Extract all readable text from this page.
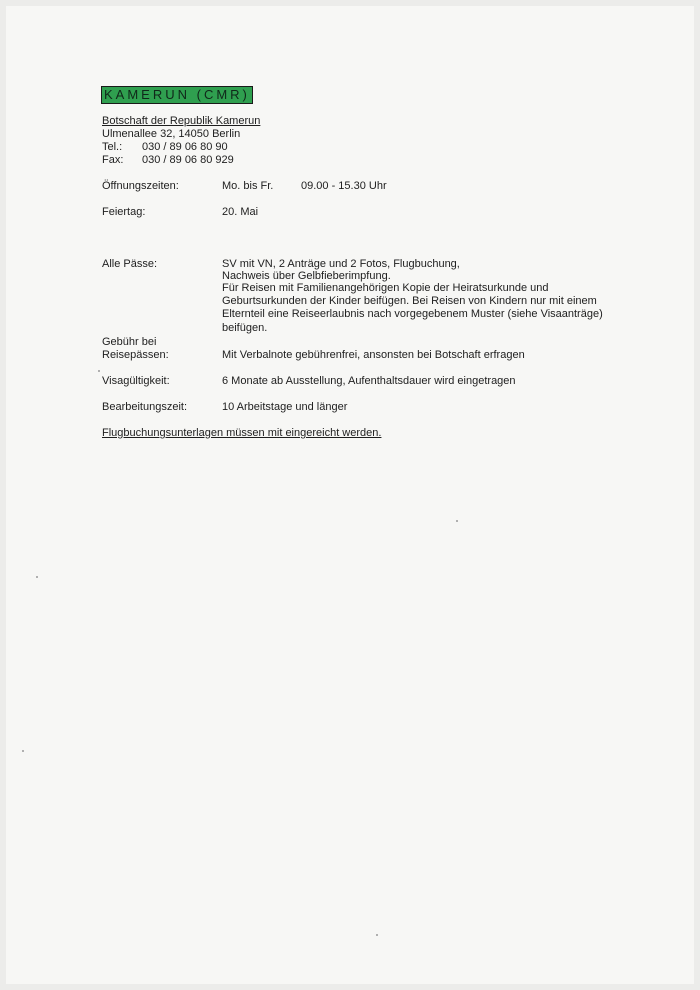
KAMERUN (CMR)
Botschaft der Republik Kamerun
Ulmenallee 32, 14050 Berlin
Tel.: 030 / 89 06 80 90
Fax: 030 / 89 06 80 929
Öffnungszeiten:	Mo. bis Fr.	09.00 - 15.30 Uhr
Feiertag:	20. Mai
Alle Pässe:	SV mit VN, 2 Anträge und 2 Fotos, Flugbuchung,
Nachweis über Gelbfieberimpfung.
Für Reisen mit Familienangehörigen Kopie der Heiratsurkunde und
Geburtsurkunden der Kinder beifügen. Bei Reisen von Kindern nur mit einem
Elternteil eine Reiseerlaubnis nach vorgegebenem Muster (siehe Visaanträge)
beifügen.
Gebühr bei
Reisepässen:	Mit Verbalnote gebührenfrei, ansonsten bei Botschaft erfragen
Visagültigkeit:	6 Monate ab Ausstellung, Aufenthaltsdauer wird eingetragen
Bearbeitungszeit:	10 Arbeitstage und länger
Flugbuchungsunterlagen müssen mit eingereicht werden.
